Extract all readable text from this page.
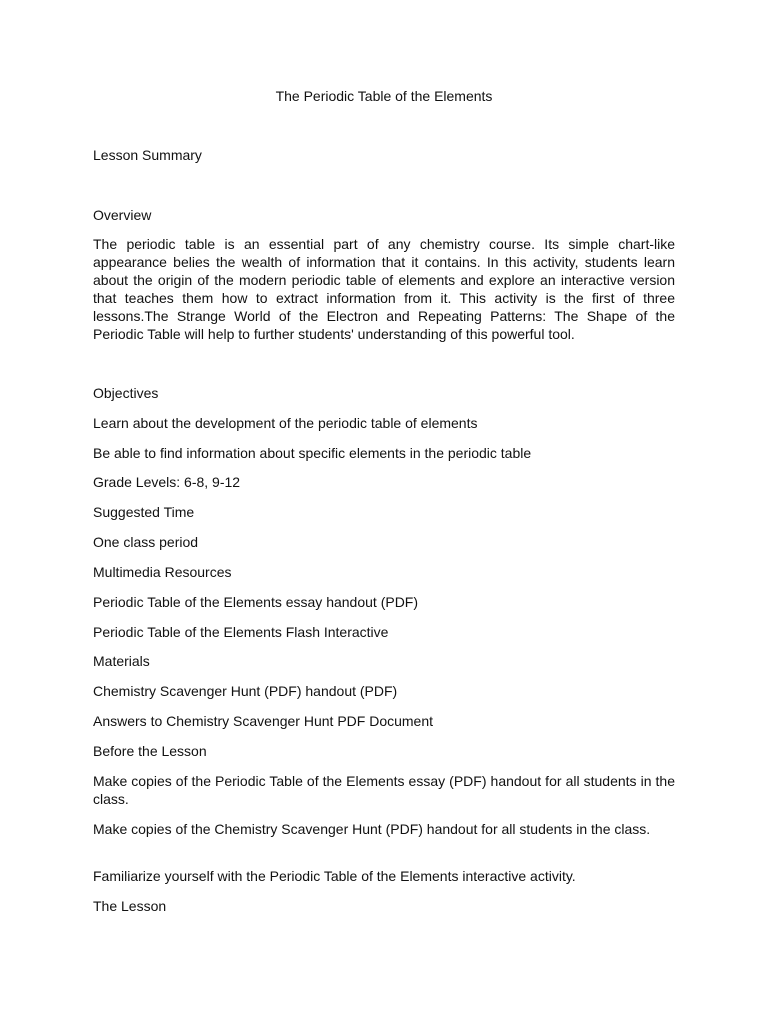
The Periodic Table of the Elements
Lesson Summary
Overview

The periodic table is an essential part of any chemistry course. Its simple chart-like appearance belies the wealth of information that it contains. In this activity, students learn about the origin of the modern periodic table of elements and explore an interactive version that teaches them how to extract information from it. This activity is the first of three lessons.The Strange World of the Electron and Repeating Patterns: The Shape of the Periodic Table will help to further students' understanding of this powerful tool.

Objectives
Learn about the development of the periodic table of elements
Be able to find information about specific elements in the periodic table
Grade Levels: 6-8, 9-12
Suggested Time
One class period
Multimedia Resources
Periodic Table of the Elements essay handout (PDF)
Periodic Table of the Elements Flash Interactive
Materials
Chemistry Scavenger Hunt (PDF) handout (PDF)
Answers to Chemistry Scavenger Hunt PDF Document
Before the Lesson

Make copies of the Periodic Table of the Elements essay (PDF) handout for all students in the class.

Make copies of the Chemistry Scavenger Hunt (PDF) handout for all students in the class.

Familiarize yourself with the Periodic Table of the Elements interactive activity.
The Lesson
